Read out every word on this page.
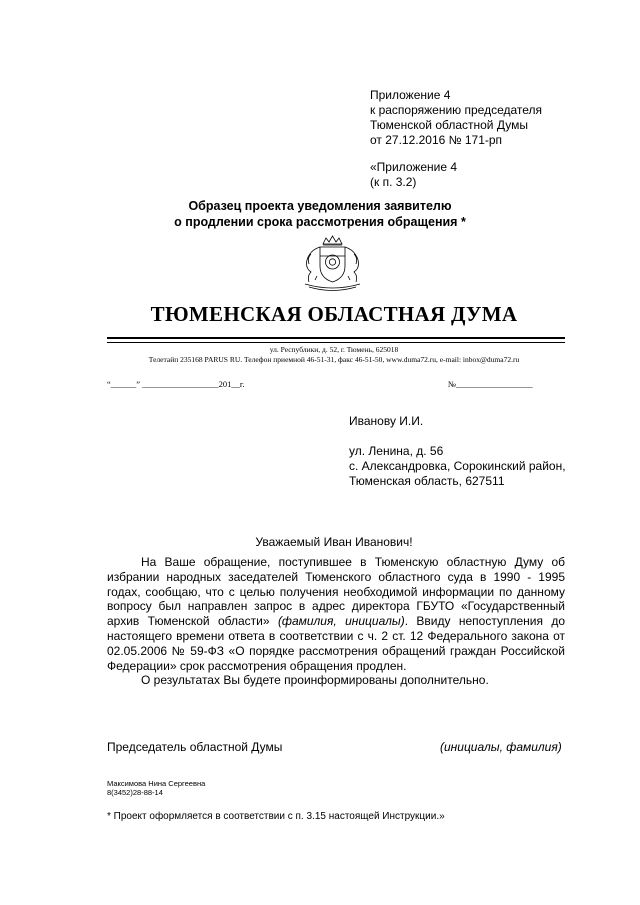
Приложение 4
к распоряжению председателя
Тюменской областной Думы
от 27.12.2016 № 171-рп
«Приложение 4
(к п. 3.2)
Образец проекта уведомления заявителю
о продлении срока рассмотрения обращения *
ТЮМЕНСКАЯ ОБЛАСТНАЯ ДУМА
ул. Республики, д. 52, г. Тюмень, 625018
Телетайп 235168 PARUS RU. Телефон приемной 46-51-31, факс 46-51-50, www.duma72.ru, e-mail: inbox@duma72.ru
“______” __________________201__г.	№__________________
Иванову И.И.
ул. Ленина, д. 56
с. Александровка, Сорокинский район,
Тюменская область, 627511
Уважаемый Иван Иванович!

На Ваше обращение, поступившее в Тюменскую областную Думу об избрании народных заседателей Тюменского областного суда в 1990 - 1995 годах, сообщаю, что с целью получения необходимой информации по данному вопросу был направлен запрос в адрес директора ГБУТО «Государственный архив Тюменской области» (фамилия, инициалы). Ввиду непоступления до настоящего времени ответа в соответствии с ч. 2 ст. 12 Федерального закона от 02.05.2006 № 59-ФЗ «О порядке рассмотрения обращений граждан Российской Федерации» срок рассмотрения обращения продлен.

О результатах Вы будете проинформированы дополнительно.

Председатель областной Думы	(инициалы, фамилия)
Максимова Нина Сергеевна
8(3452)28-88-14
* Проект оформляется в соответствии с п. 3.15 настоящей Инструкции.»
